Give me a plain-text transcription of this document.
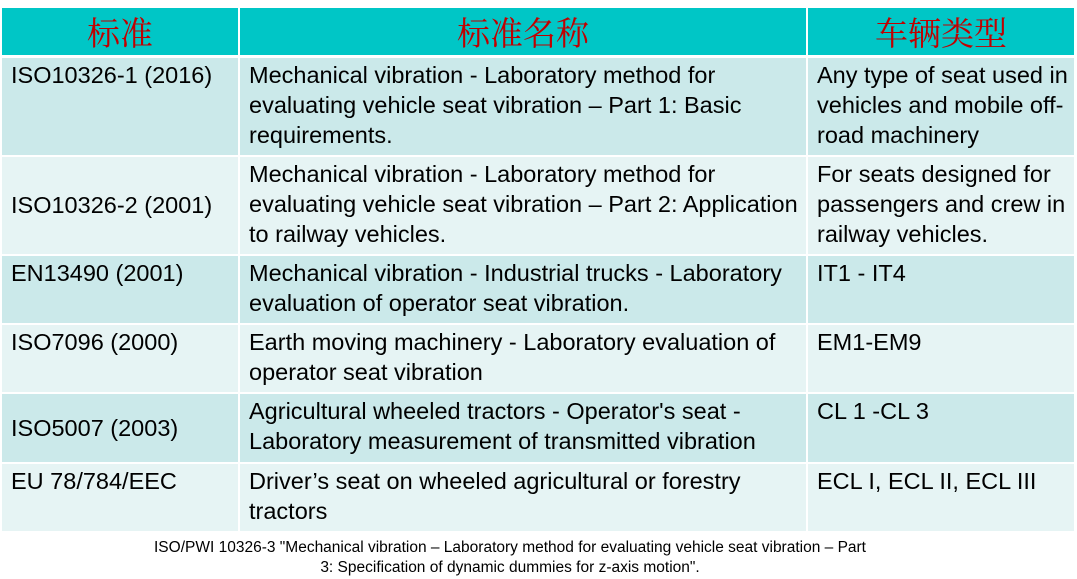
标准	标准名称	车辆类型
ISO10326-1 (2016)	Mechanical vibration - Laboratory method for evaluating vehicle seat vibration – Part 1: Basic requirements.	Any type of seat used in vehicles and mobile off-road machinery
ISO10326-2 (2001)	Mechanical vibration - Laboratory method for evaluating vehicle seat vibration – Part 2: Application to railway vehicles.	For seats designed for passengers and crew in railway vehicles.
EN13490 (2001)	Mechanical vibration - Industrial trucks - Laboratory evaluation of operator seat vibration.	IT1 - IT4
ISO7096 (2000)	Earth moving machinery - Laboratory evaluation of operator seat vibration	EM1-EM9
ISO5007 (2003)	Agricultural wheeled tractors - Operator's seat - Laboratory measurement of transmitted vibration	CL 1 -CL 3
EU 78/784/EEC	Driver’s seat on wheeled agricultural or forestry tractors	ECL I, ECL II, ECL III
ISO/PWI 10326-3 "Mechanical vibration – Laboratory method for evaluating vehicle seat vibration – Part
3: Specification of dynamic dummies for z-axis motion".
